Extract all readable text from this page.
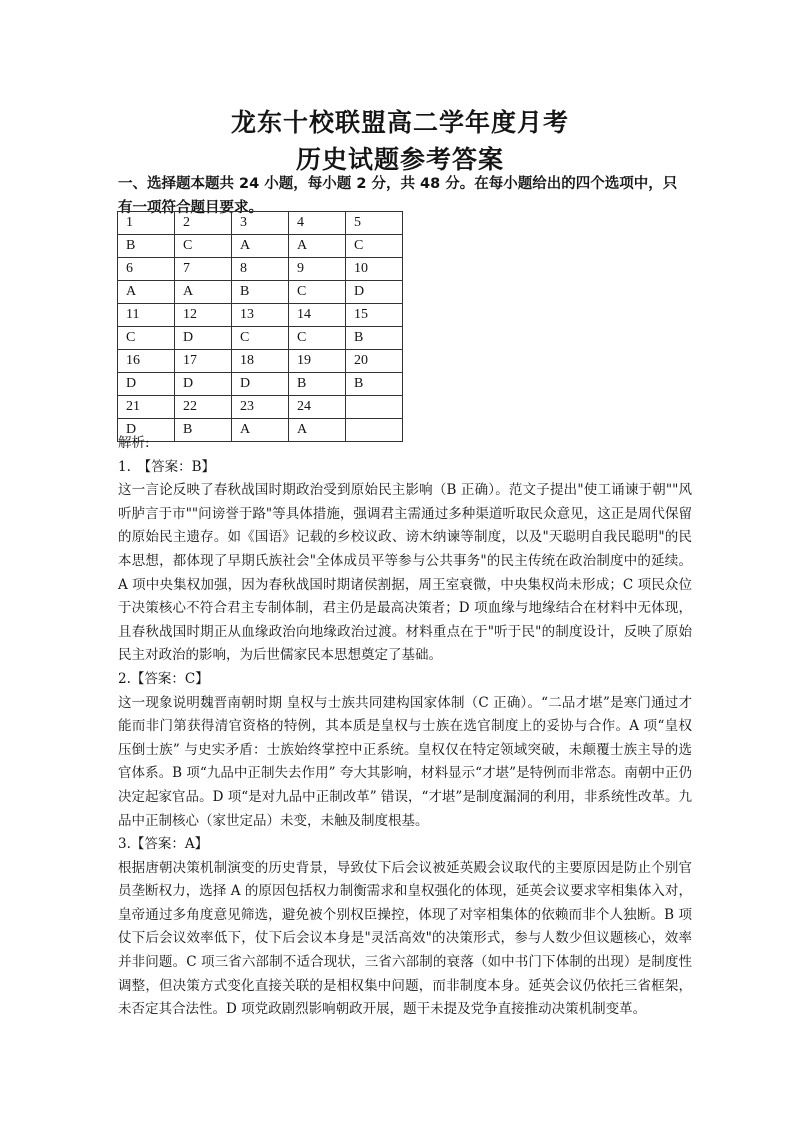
龙东十校联盟高二学年度月考
历史试题参考答案
一、选择题本题共 24 小题，每小题 2 分，共 48 分。在每小题给出的四个选项中，只有一项符合题目要求。
1	2	3	4	5
B	C	A	A	C
6	7	8	9	10
A	A	B	C	D
11	12	13	14	15
C	D	C	C	B
16	17	18	19	20
D	D	D	B	B
21	22	23	24	
D	B	A	A	

解析:

1.　【答案：B】

这一言论反映了春秋战国时期政治受到原始民主影响（B 正确）。范文子提出"使工诵谏于朝""风听胪言于市""问谤誉于路"等具体措施，强调君主需通过多种渠道听取民众意见，这正是周代保留的原始民主遗存。如《国语》记载的乡校议政、谤木纳谏等制度，以及"天聪明自我民聪明"的民本思想，都体现了早期氏族社会"全体成员平等参与公共事务"的民主传统在政治制度中的延续。A 项中央集权加强，因为春秋战国时期诸侯割据，周王室衰微，中央集权尚未形成；C 项民众位于决策核心不符合君主专制体制，君主仍是最高决策者；D 项血缘与地缘结合在材料中无体现，且春秋战国时期正从血缘政治向地缘政治过渡。材料重点在于"听于民"的制度设计，反映了原始民主对政治的影响，为后世儒家民本思想奠定了基础。

2.【答案：C】

这一现象说明魏晋南朝时期 皇权与士族共同建构国家体制（C 正确）。“二品才堪”是寒门通过才能而非门第获得清官资格的特例，其本质是皇权与士族在选官制度上的妥协与合作。A 项“皇权压倒士族” 与史实矛盾：士族始终掌控中正系统。皇权仅在特定领域突破，未颠覆士族主导的选官体系。B 项“九品中正制失去作用” 夸大其影响，材料显示“才堪”是特例而非常态。南朝中正仍决定起家官品。D 项“是对九品中正制改革” 错误，“才堪”是制度漏洞的利用，非系统性改革。九品中正制核心（家世定品）未变，未触及制度根基。

3.【答案：A】

根据唐朝决策机制演变的历史背景，导致仗下后会议被延英殿会议取代的主要原因是防止个别官员垄断权力，选择 A 的原因包括权力制衡需求和皇权强化的体现，延英会议要求宰相集体入对，皇帝通过多角度意见筛选，避免被个别权臣操控，体现了对宰相集体的依赖而非个人独断。B 项仗下后会议效率低下，仗下后会议本身是"灵活高效"的决策形式，参与人数少但议题核心，效率并非问题。C 项三省六部制不适合现状，三省六部制的衰落（如中书门下体制的出现）是制度性调整，但决策方式变化直接关联的是相权集中问题，而非制度本身。延英会议仍依托三省框架，未否定其合法性。D 项党政剧烈影响朝政开展，题干未提及党争直接推动决策机制变革。
